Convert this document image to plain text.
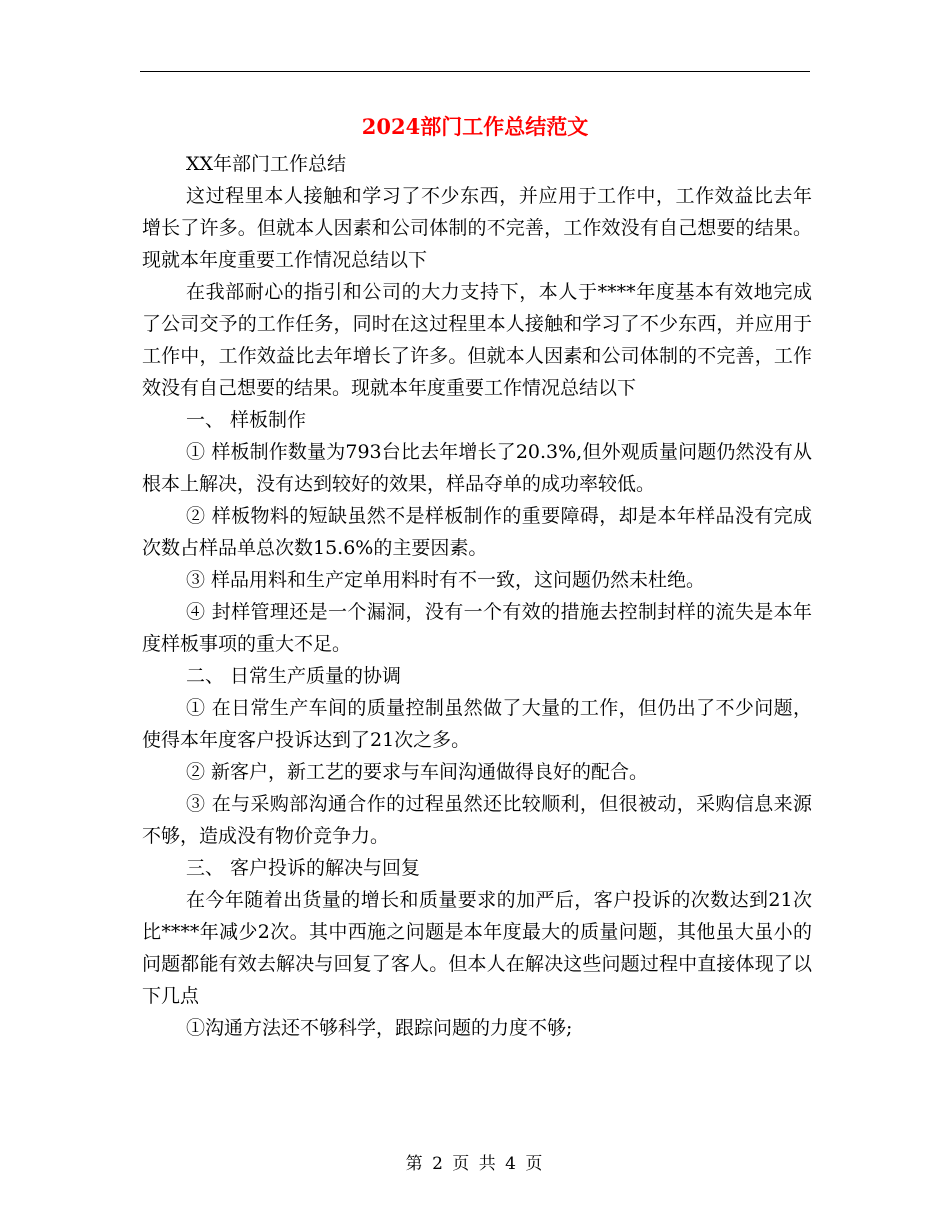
2024部门工作总结范文

XX年部门工作总结

这过程里本人接触和学习了不少东西，并应用于工作中，工作效益比去年增长了许多。但就本人因素和公司体制的不完善，工作效没有自己想要的结果。现就本年度重要工作情况总结以下

在我部耐心的指引和公司的大力支持下，本人于****年度基本有效地完成了公司交予的工作任务，同时在这过程里本人接触和学习了不少东西，并应用于工作中，工作效益比去年增长了许多。但就本人因素和公司体制的不完善，工作效没有自己想要的结果。现就本年度重要工作情况总结以下

一、 样板制作

① 样板制作数量为793台比去年增长了20.3%,但外观质量问题仍然没有从根本上解决，没有达到较好的效果，样品夺单的成功率较低。

② 样板物料的短缺虽然不是样板制作的重要障碍，却是本年样品没有完成次数占样品单总次数15.6%的主要因素。

③ 样品用料和生产定单用料时有不一致，这问题仍然未杜绝。

④ 封样管理还是一个漏洞，没有一个有效的措施去控制封样的流失是本年度样板事项的重大不足。

二、 日常生产质量的协调

① 在日常生产车间的质量控制虽然做了大量的工作，但仍出了不少问题，使得本年度客户投诉达到了21次之多。

② 新客户，新工艺的要求与车间沟通做得良好的配合。

③ 在与采购部沟通合作的过程虽然还比较顺利，但很被动，采购信息来源不够，造成没有物价竞争力。

三、 客户投诉的解决与回复

在今年随着出货量的增长和质量要求的加严后，客户投诉的次数达到21次比****年减少2次。其中西施之问题是本年度最大的质量问题，其他虽大虽小的问题都能有效去解决与回复了客人。但本人在解决这些问题过程中直接体现了以下几点

①沟通方法还不够科学，跟踪问题的力度不够;

第 2 页 共 4 页
